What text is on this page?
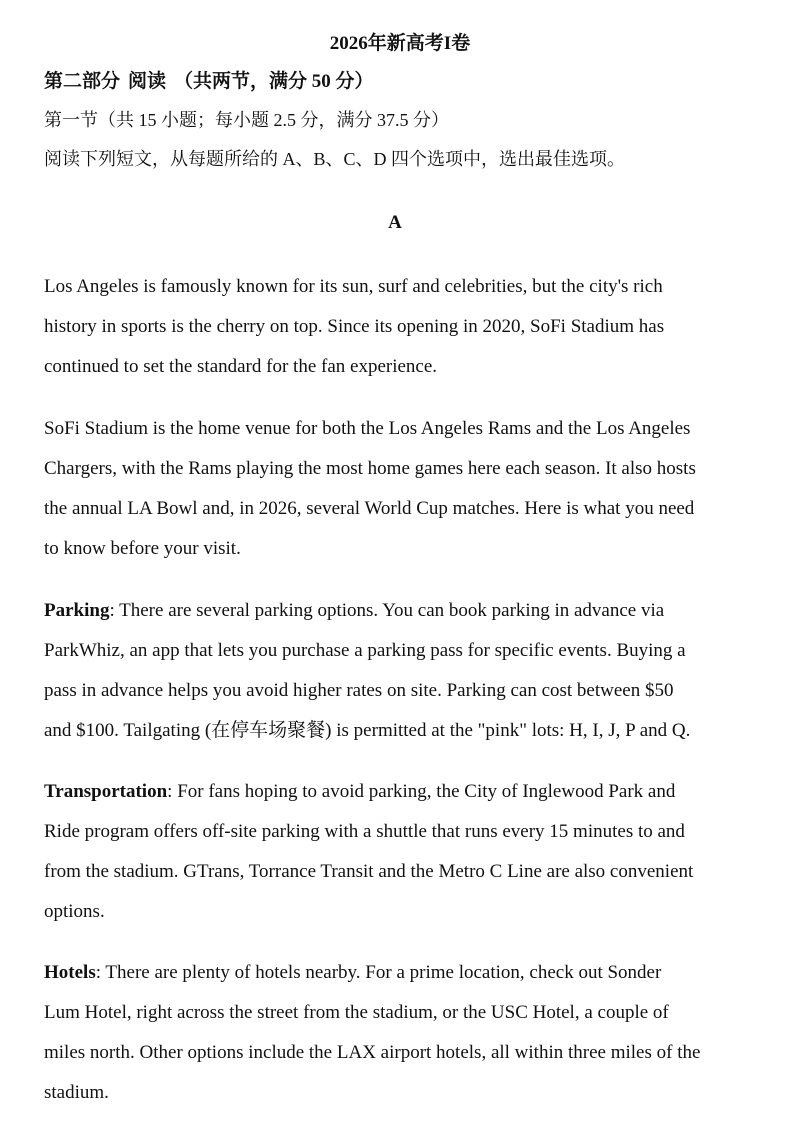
2026年新高考I卷
第二部分 阅读 （共两节，满分 50 分）

第一节（共 15 小题；每小题 2.5 分，满分 37.5 分）

阅读下列短文，从每题所给的 A、B、C、D 四个选项中，选出最佳选项。

A

Los Angeles is famously known for its sun, surf and celebrities, but the city's rich
history in sports is the cherry on top. Since its opening in 2020, SoFi Stadium has
continued to set the standard for the fan experience.

SoFi Stadium is the home venue for both the Los Angeles Rams and the Los Angeles
Chargers, with the Rams playing the most home games here each season. It also hosts
the annual LA Bowl and, in 2026, several World Cup matches. Here is what you need
to know before your visit.

Parking: There are several parking options. You can book parking in advance via
ParkWhiz, an app that lets you purchase a parking pass for specific events. Buying a
pass in advance helps you avoid higher rates on site. Parking can cost between $50
and $100. Tailgating (在停车场聚餐) is permitted at the "pink" lots: H, I, J, P and Q.

Transportation: For fans hoping to avoid parking, the City of Inglewood Park and
Ride program offers off-site parking with a shuttle that runs every 15 minutes to and
from the stadium. GTrans, Torrance Transit and the Metro C Line are also convenient
options.

Hotels: There are plenty of hotels nearby. For a prime location, check out Sonder
Lum Hotel, right across the street from the stadium, or the USC Hotel, a couple of
miles north. Other options include the LAX airport hotels, all within three miles of the
stadium.
